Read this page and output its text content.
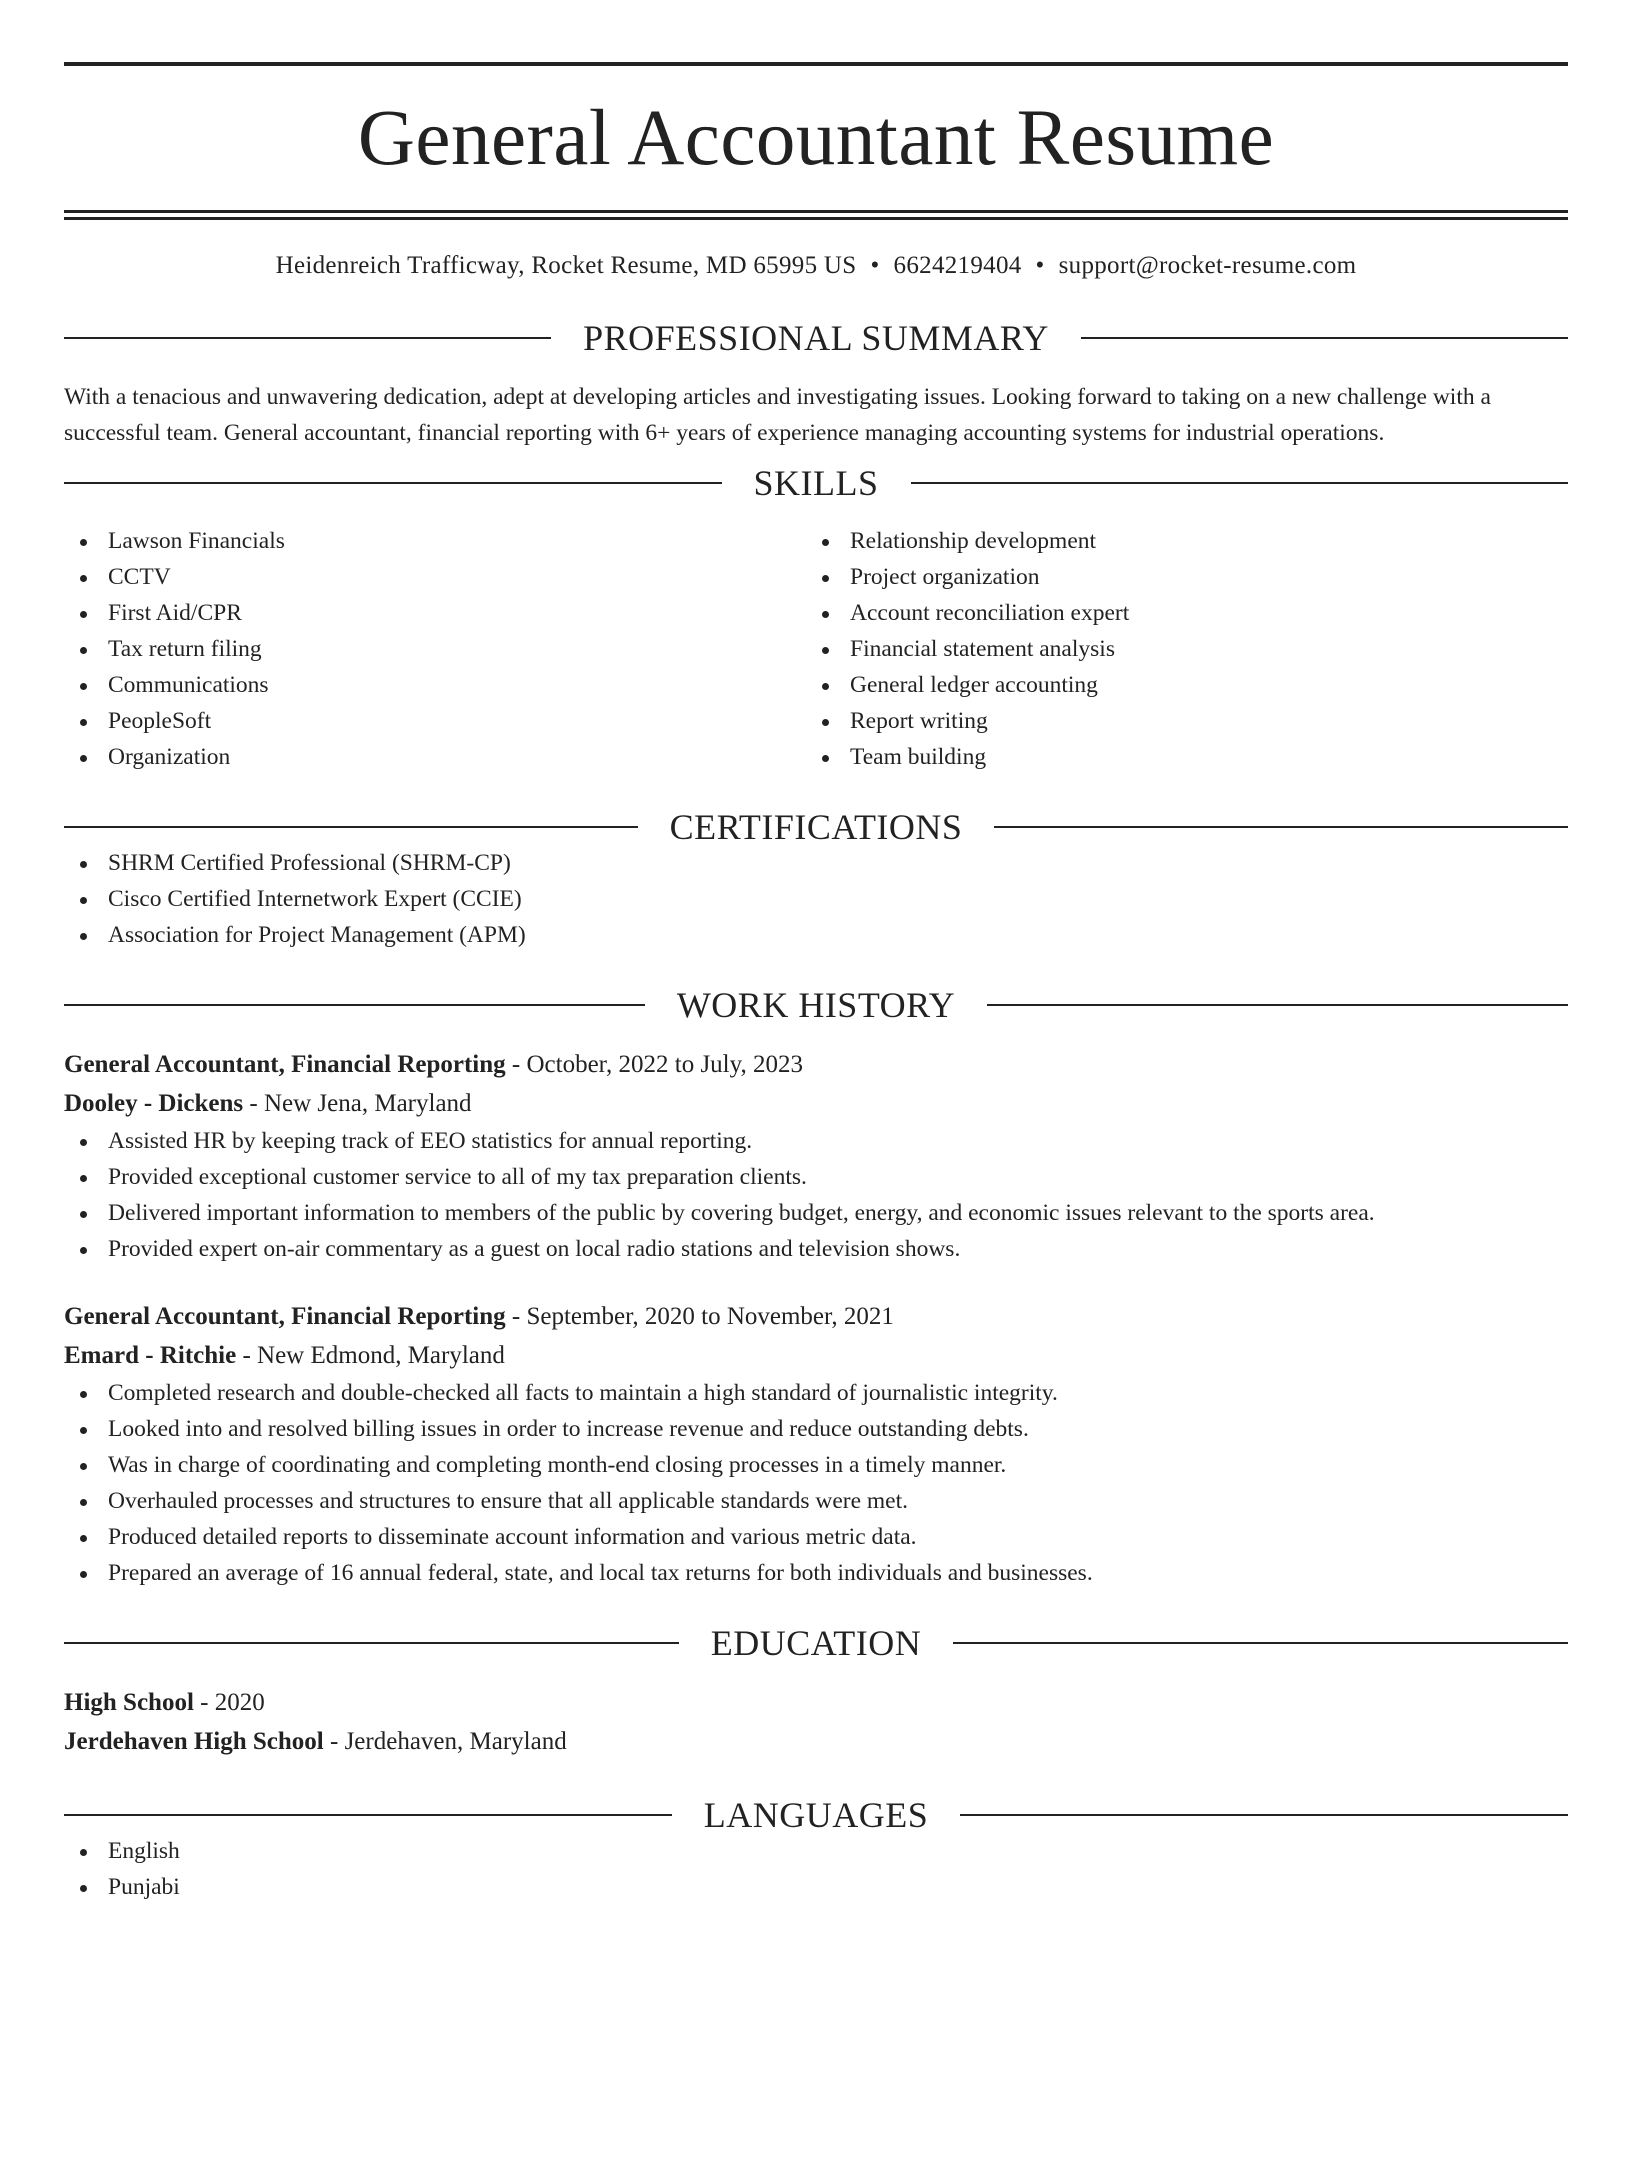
General Accountant Resume
Heidenreich Trafficway, Rocket Resume, MD 65995 US • 6624219404 • support@rocket-resume.com
PROFESSIONAL SUMMARY

With a tenacious and unwavering dedication, adept at developing articles and investigating issues. Looking forward to taking on a new challenge with a successful team. General accountant, financial reporting with 6+ years of experience managing accounting systems for industrial operations.

SKILLS
Lawson Financials
CCTV
First Aid/CPR
Tax return filing
Communications
PeopleSoft
Organization
Relationship development
Project organization
Account reconciliation expert
Financial statement analysis
General ledger accounting
Report writing
Team building
CERTIFICATIONS
SHRM Certified Professional (SHRM-CP)
Cisco Certified Internetwork Expert (CCIE)
Association for Project Management (APM)
WORK HISTORY
General Accountant, Financial Reporting - October, 2022 to July, 2023
Dooley - Dickens - New Jena, Maryland
Assisted HR by keeping track of EEO statistics for annual reporting.
Provided exceptional customer service to all of my tax preparation clients.
Delivered important information to members of the public by covering budget, energy, and economic issues relevant to the sports area.
Provided expert on-air commentary as a guest on local radio stations and television shows.
General Accountant, Financial Reporting - September, 2020 to November, 2021
Emard - Ritchie - New Edmond, Maryland
Completed research and double-checked all facts to maintain a high standard of journalistic integrity.
Looked into and resolved billing issues in order to increase revenue and reduce outstanding debts.
Was in charge of coordinating and completing month-end closing processes in a timely manner.
Overhauled processes and structures to ensure that all applicable standards were met.
Produced detailed reports to disseminate account information and various metric data.
Prepared an average of 16 annual federal, state, and local tax returns for both individuals and businesses.
EDUCATION
High School - 2020
Jerdehaven High School - Jerdehaven, Maryland
LANGUAGES
English
Punjabi
